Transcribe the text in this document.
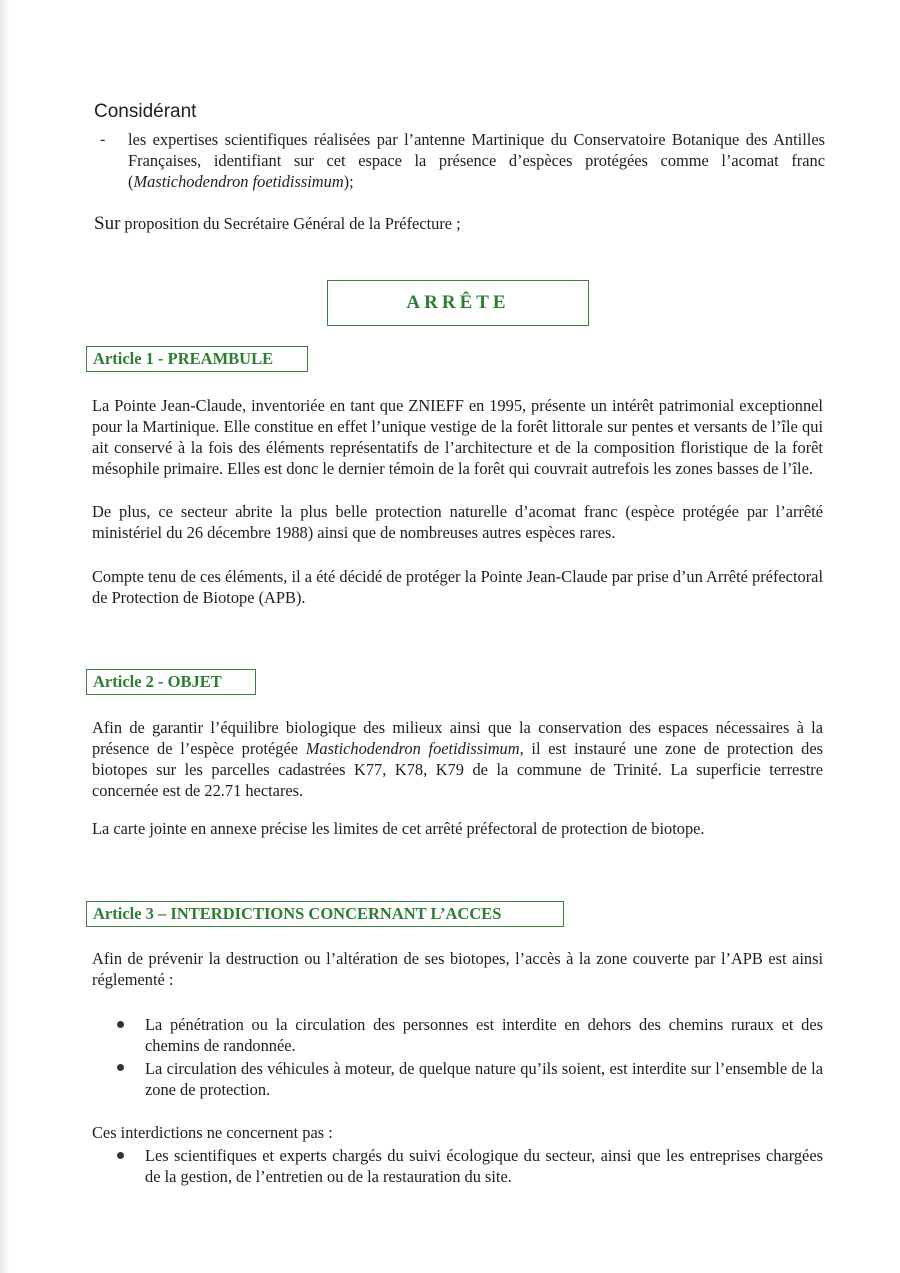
Considérant
- les expertises scientifiques réalisées par l’antenne Martinique du Conservatoire Botanique des Antilles Françaises, identifiant sur cet espace la présence d’espèces protégées comme l’acomat franc (Mastichodendron foetidissimum);

Sur proposition du Secrétaire Général de la Préfecture ;
ARRÊTE
Article 1 - PREAMBULE

La Pointe Jean-Claude, inventoriée en tant que ZNIEFF en 1995, présente un intérêt patrimonial exceptionnel pour la Martinique. Elle constitue en effet l’unique vestige de la forêt littorale sur pentes et versants de l’île qui ait conservé à la fois des éléments représentatifs de l’architecture et de la composition floristique de la forêt mésophile primaire. Elles est donc le dernier témoin de la forêt qui couvrait autrefois les zones basses de l’île.

De plus, ce secteur abrite la plus belle protection naturelle d’acomat franc (espèce protégée par l’arrêté ministériel du 26 décembre 1988) ainsi que de nombreuses autres espèces rares.

Compte tenu de ces éléments, il a été décidé de protéger la Pointe Jean-Claude par prise d’un Arrêté préfectoral de Protection de Biotope (APB).

Article 2 - OBJET

Afin de garantir l’équilibre biologique des milieux ainsi que la conservation des espaces nécessaires à la présence de l’espèce protégée Mastichodendron foetidissimum, il est instauré une zone de protection des biotopes sur les parcelles cadastrées K77, K78, K79 de la commune de Trinité. La superficie terrestre concernée est de 22.71 hectares.

La carte jointe en annexe précise les limites de cet arrêté préfectoral de protection de biotope.

Article 3 – INTERDICTIONS CONCERNANT L’ACCES

Afin de prévenir la destruction ou l’altération de ses biotopes, l’accès à la zone couverte par l’APB est ainsi réglementé :

La pénétration ou la circulation des personnes est interdite en dehors des chemins ruraux et des chemins de randonnée.

La circulation des véhicules à moteur, de quelque nature qu’ils soient, est interdite sur l’ensemble de la zone de protection.

Ces interdictions ne concernent pas :

Les scientifiques et experts chargés du suivi écologique du secteur, ainsi que les entreprises chargées de la gestion, de l’entretien ou de la restauration du site.
